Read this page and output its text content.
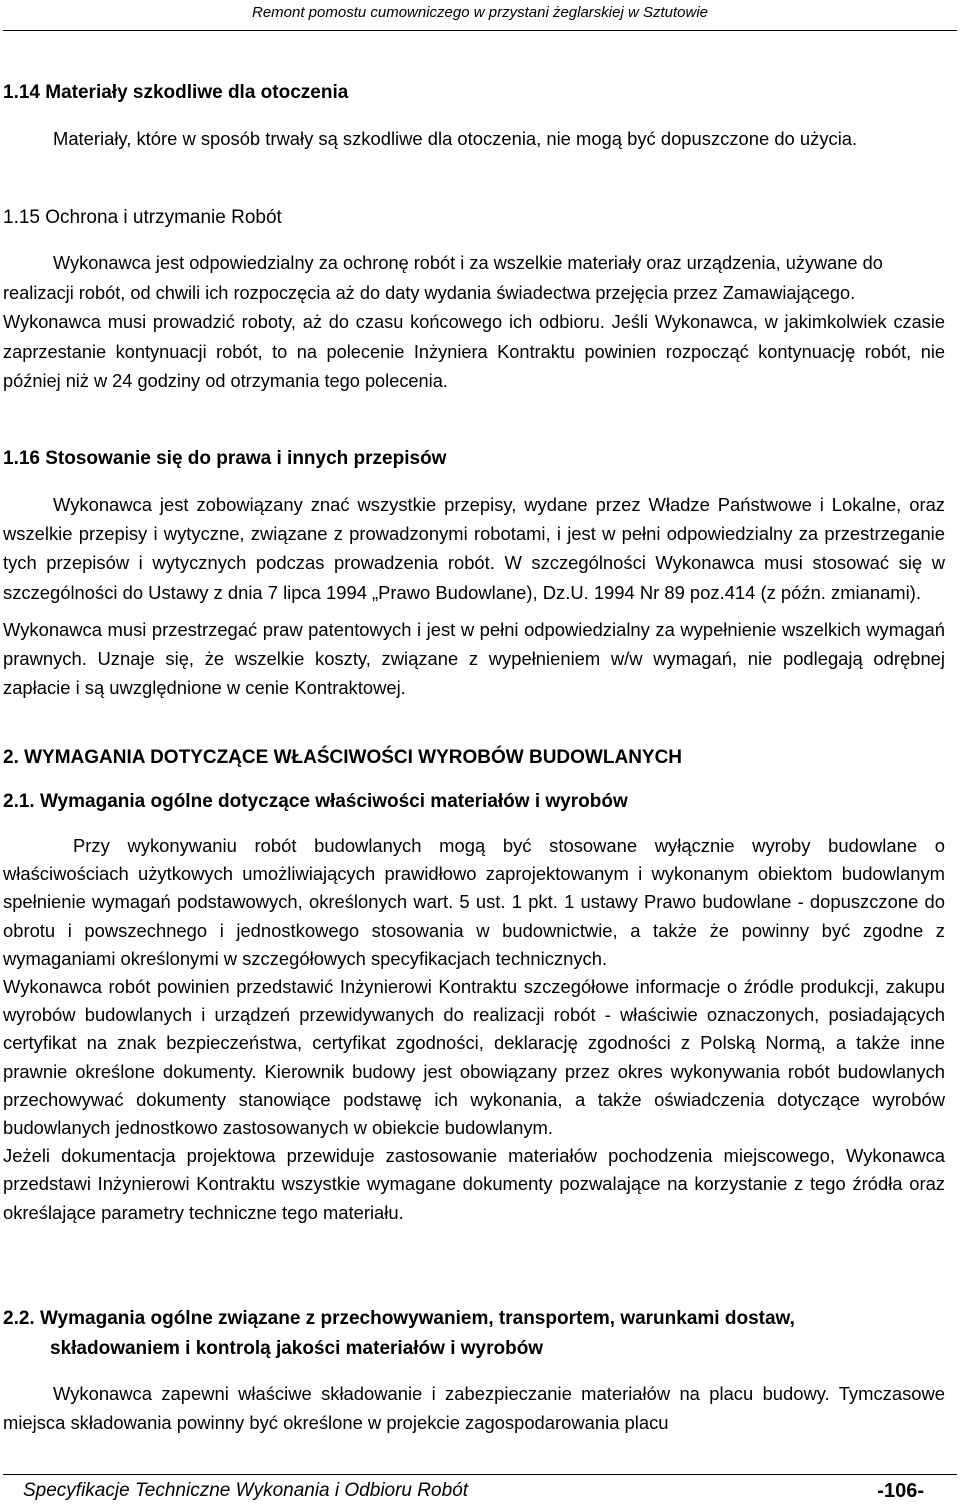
Remont pomostu cumowniczego w przystani żeglarskiej w Sztutowie
1.14 Materiały szkodliwe dla otoczenia

Materiały, które w sposób trwały są szkodliwe dla otoczenia, nie mogą być dopuszczone do użycia.

1.15 Ochrona i utrzymanie Robót

Wykonawca jest odpowiedzialny za ochronę robót i za wszelkie materiały oraz urządzenia, używane do realizacji robót, od chwili ich rozpoczęcia aż do daty wydania świadectwa przejęcia przez Zamawiającego.

Wykonawca musi prowadzić roboty, aż do czasu końcowego ich odbioru. Jeśli Wykonawca, w jakimkolwiek czasie zaprzestanie kontynuacji robót, to na polecenie Inżyniera Kontraktu powinien rozpocząć kontynuację robót, nie później niż w 24 godziny od otrzymania tego polecenia.

1.16 Stosowanie się do prawa i innych przepisów

Wykonawca jest zobowiązany znać wszystkie przepisy, wydane przez Władze Państwowe i Lokalne, oraz wszelkie przepisy i wytyczne, związane z prowadzonymi robotami, i jest w pełni odpowiedzialny za przestrzeganie tych przepisów i wytycznych podczas prowadzenia robót. W szczególności Wykonawca musi stosować się w szczególności do Ustawy z dnia 7 lipca 1994 „Prawo Budowlane), Dz.U. 1994 Nr 89 poz.414 (z późn. zmianami).

Wykonawca musi przestrzegać praw patentowych i jest w pełni odpowiedzialny za wypełnienie wszelkich wymagań prawnych. Uznaje się, że wszelkie koszty, związane z wypełnieniem w/w wymagań, nie podlegają odrębnej zapłacie i są uwzględnione w cenie Kontraktowej.

2. WYMAGANIA DOTYCZĄCE WŁAŚCIWOŚCI WYROBÓW BUDOWLANYCH
2.1. Wymagania ogólne dotyczące właściwości materiałów i wyrobów

Przy wykonywaniu robót budowlanych mogą być stosowane wyłącznie wyroby budowlane o właściwościach użytkowych umożliwiających prawidłowo zaprojektowanym i wykonanym obiektom budowlanym spełnienie wymagań podstawowych, określonych wart. 5 ust. 1 pkt. 1 ustawy Prawo budowlane - dopuszczone do obrotu i powszechnego i jednostkowego stosowania w budownictwie, a także że powinny być zgodne z wymaganiami określonymi w szczegółowych specyfikacjach technicznych.

Wykonawca robót powinien przedstawić Inżynierowi Kontraktu szczegółowe informacje o źródle produkcji, zakupu wyrobów budowlanych i urządzeń przewidywanych do realizacji robót - właściwie oznaczonych, posiadających certyfikat na znak bezpieczeństwa, certyfikat zgodności, deklarację zgodności z Polską Normą, a także inne prawnie określone dokumenty. Kierownik budowy jest obowiązany przez okres wykonywania robót budowlanych przechowywać dokumenty stanowiące podstawę ich wykonania, a także oświadczenia dotyczące wyrobów budowlanych jednostkowo zastosowanych w obiekcie budowlanym.

Jeżeli dokumentacja projektowa przewiduje zastosowanie materiałów pochodzenia miejscowego, Wykonawca przedstawi Inżynierowi Kontraktu wszystkie wymagane dokumenty pozwalające na korzystanie z tego źródła oraz określające parametry techniczne tego materiału.

2.2. Wymagania ogólne związane z przechowywaniem, transportem, warunkami dostaw,
składowaniem i kontrolą jakości materiałów i wyrobów

Wykonawca zapewni właściwe składowanie i zabezpieczanie materiałów na placu budowy. Tymczasowe miejsca składowania powinny być określone w projekcie zagospodarowania placu

Specyfikacje Techniczne Wykonania i Odbioru Robót	-106-
